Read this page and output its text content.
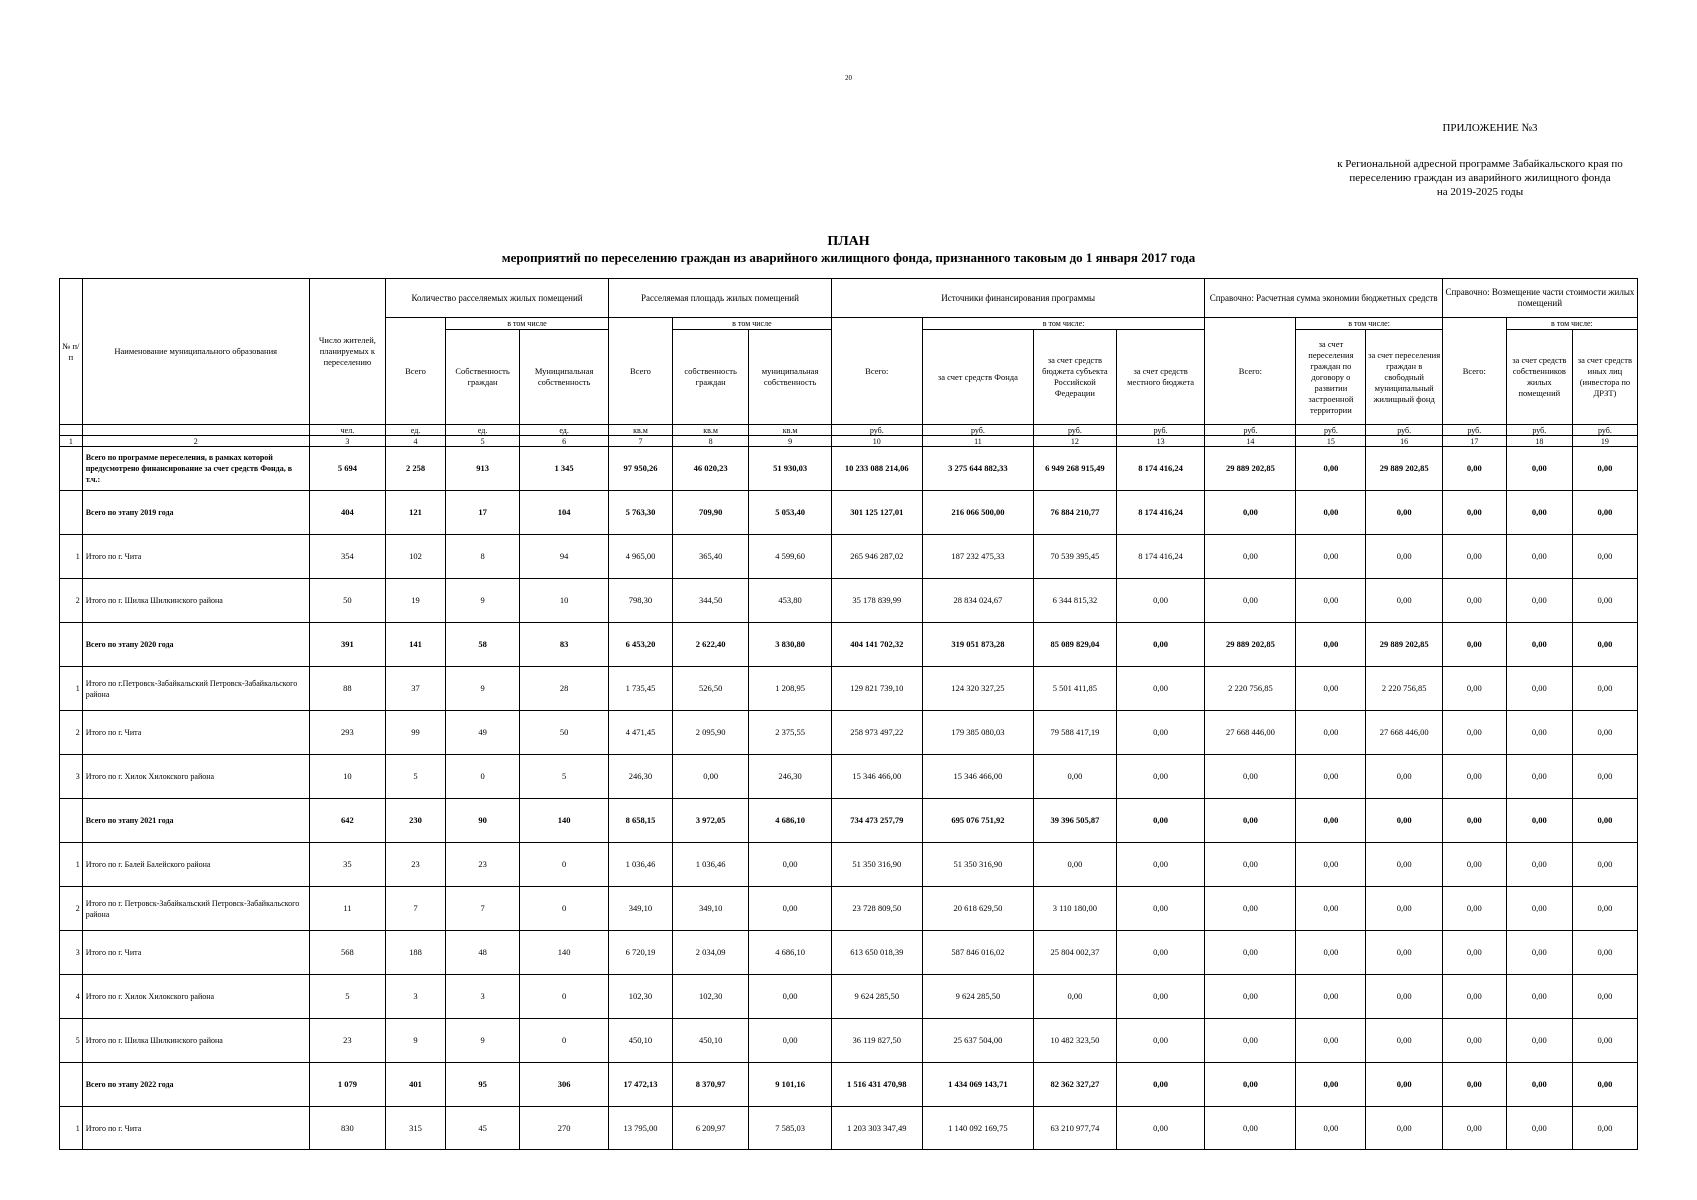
20
ПРИЛОЖЕНИЕ №3
к Региональной адресной программе Забайкальского края по
переселению граждан из аварийного жилищного фонда
на 2019-2025 годы
ПЛАН
мероприятий по переселению граждан из аварийного жилищного фонда, признанного таковым до 1 января 2017 года
№ п/п	Наименование муниципального образования	Число жителей, планируемых к переселению	Количество расселяемых жилых помещений			Расселяемая площадь жилых помещений			Источники финансирования программы				Справочно: Расчетная сумма экономии бюджетных средств			Справочно: Возмещение части стоимости жилых помещений		
			Всего	в том числе		Всего	в том числе		Всего:	в том числе:			Всего:	в том числе:		Всего:	в том числе:	
				Собственность граждан	Муниципальная собственность		собственность граждан	муниципальная собственность		за счет средств Фонда	за счет средств бюджета субъекта Российской Федерации	за счет средств местного бюджета		за счет переселения граждан по договору о развитии застроенной территории	за счет переселения граждан в свободный муниципальный жилищный фонд		за счет средств собственников жилых помещений	за счет средств иных лиц (инвестора по ДРЗТ)
		чел.	ед.	ед.	ед.	кв.м	кв.м	кв.м	руб.	руб.	руб.	руб.	руб.	руб.	руб.	руб.	руб.	руб.
1	2	3	4	5	6	7	8	9	10	11	12	13	14	15	16	17	18	19
	Всего по программе переселения, в рамках которой предусмотрено финансирование за счет средств Фонда, в т.ч.:	5 694	2 258	913	1 345	97 950,26	46 020,23	51 930,03	10 233 088 214,06	3 275 644 882,33	6 949 268 915,49	8 174 416,24	29 889 202,85	0,00	29 889 202,85	0,00	0,00	0,00
	Всего по этапу 2019 года	404	121	17	104	5 763,30	709,90	5 053,40	301 125 127,01	216 066 500,00	76 884 210,77	8 174 416,24	0,00	0,00	0,00	0,00	0,00	0,00
1	Итого по г. Чита	354	102	8	94	4 965,00	365,40	4 599,60	265 946 287,02	187 232 475,33	70 539 395,45	8 174 416,24	0,00	0,00	0,00	0,00	0,00	0,00
2	Итого по г. Шилка Шилкинского района	50	19	9	10	798,30	344,50	453,80	35 178 839,99	28 834 024,67	6 344 815,32	0,00	0,00	0,00	0,00	0,00	0,00	0,00
	Всего по этапу 2020 года	391	141	58	83	6 453,20	2 622,40	3 830,80	404 141 702,32	319 051 873,28	85 089 829,04	0,00	29 889 202,85	0,00	29 889 202,85	0,00	0,00	0,00
1	Итого по г.Петровск-Забайкальский Петровск-Забайкальского района	88	37	9	28	1 735,45	526,50	1 208,95	129 821 739,10	124 320 327,25	5 501 411,85	0,00	2 220 756,85	0,00	2 220 756,85	0,00	0,00	0,00
2	Итого по г. Чита	293	99	49	50	4 471,45	2 095,90	2 375,55	258 973 497,22	179 385 080,03	79 588 417,19	0,00	27 668 446,00	0,00	27 668 446,00	0,00	0,00	0,00
3	Итого по г. Хилок Хилокского района	10	5	0	5	246,30	0,00	246,30	15 346 466,00	15 346 466,00	0,00	0,00	0,00	0,00	0,00	0,00	0,00	0,00
	Всего по этапу 2021 года	642	230	90	140	8 658,15	3 972,05	4 686,10	734 473 257,79	695 076 751,92	39 396 505,87	0,00	0,00	0,00	0,00	0,00	0,00	0,00
1	Итого по г. Балей Балейского района	35	23	23	0	1 036,46	1 036,46	0,00	51 350 316,90	51 350 316,90	0,00	0,00	0,00	0,00	0,00	0,00	0,00	0,00
2	Итого по г. Петровск-Забайкальский Петровск-Забайкальского района	11	7	7	0	349,10	349,10	0,00	23 728 809,50	20 618 629,50	3 110 180,00	0,00	0,00	0,00	0,00	0,00	0,00	0,00
3	Итого по г. Чита	568	188	48	140	6 720,19	2 034,09	4 686,10	613 650 018,39	587 846 016,02	25 804 002,37	0,00	0,00	0,00	0,00	0,00	0,00	0,00
4	Итого по г. Хилок Хилокского района	5	3	3	0	102,30	102,30	0,00	9 624 285,50	9 624 285,50	0,00	0,00	0,00	0,00	0,00	0,00	0,00	0,00
5	Итого по г. Шилка Шилкинского района	23	9	9	0	450,10	450,10	0,00	36 119 827,50	25 637 504,00	10 482 323,50	0,00	0,00	0,00	0,00	0,00	0,00	0,00
	Всего по этапу 2022 года	1 079	401	95	306	17 472,13	8 370,97	9 101,16	1 516 431 470,98	1 434 069 143,71	82 362 327,27	0,00	0,00	0,00	0,00	0,00	0,00	0,00
1	Итого по г. Чита	830	315	45	270	13 795,00	6 209,97	7 585,03	1 203 303 347,49	1 140 092 169,75	63 210 977,74	0,00	0,00	0,00	0,00	0,00	0,00	0,00
